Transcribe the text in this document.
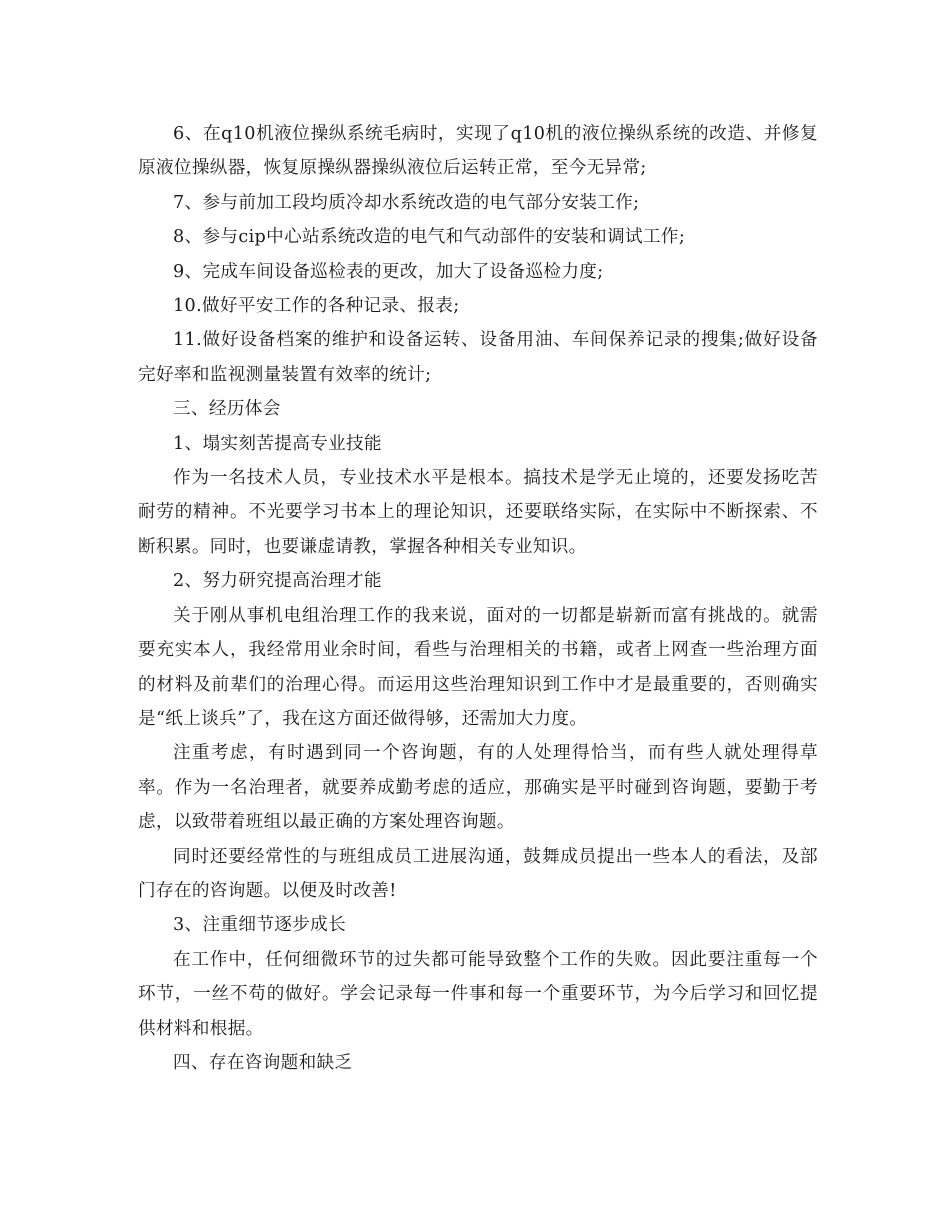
6、在q10机液位操纵系统毛病时，实现了q10机的液位操纵系统的改造、并修复原液位操纵器，恢复原操纵器操纵液位后运转正常，至今无异常;

7、参与前加工段均质冷却水系统改造的电气部分安装工作;

8、参与cip中心站系统改造的电气和气动部件的安装和调试工作;

9、完成车间设备巡检表的更改，加大了设备巡检力度;

10.做好平安工作的各种记录、报表;

11.做好设备档案的维护和设备运转、设备用油、车间保养记录的搜集;做好设备完好率和监视测量装置有效率的统计;

三、经历体会

1、塌实刻苦提高专业技能

作为一名技术人员，专业技术水平是根本。搞技术是学无止境的，还要发扬吃苦耐劳的精神。不光要学习书本上的理论知识，还要联络实际，在实际中不断探索、不断积累。同时，也要谦虚请教，掌握各种相关专业知识。

2、努力研究提高治理才能

关于刚从事机电组治理工作的我来说，面对的一切都是崭新而富有挑战的。就需要充实本人，我经常用业余时间，看些与治理相关的书籍，或者上网查一些治理方面的材料及前辈们的治理心得。而运用这些治理知识到工作中才是最重要的，否则确实是“纸上谈兵”了，我在这方面还做得够，还需加大力度。

注重考虑，有时遇到同一个咨询题，有的人处理得恰当，而有些人就处理得草率。作为一名治理者，就要养成勤考虑的适应，那确实是平时碰到咨询题，要勤于考虑，以致带着班组以最正确的方案处理咨询题。

同时还要经常性的与班组成员工进展沟通，鼓舞成员提出一些本人的看法，及部门存在的咨询题。以便及时改善!

3、注重细节逐步成长

在工作中，任何细微环节的过失都可能导致整个工作的失败。因此要注重每一个环节，一丝不苟的做好。学会记录每一件事和每一个重要环节，为今后学习和回忆提供材料和根据。

四、存在咨询题和缺乏
